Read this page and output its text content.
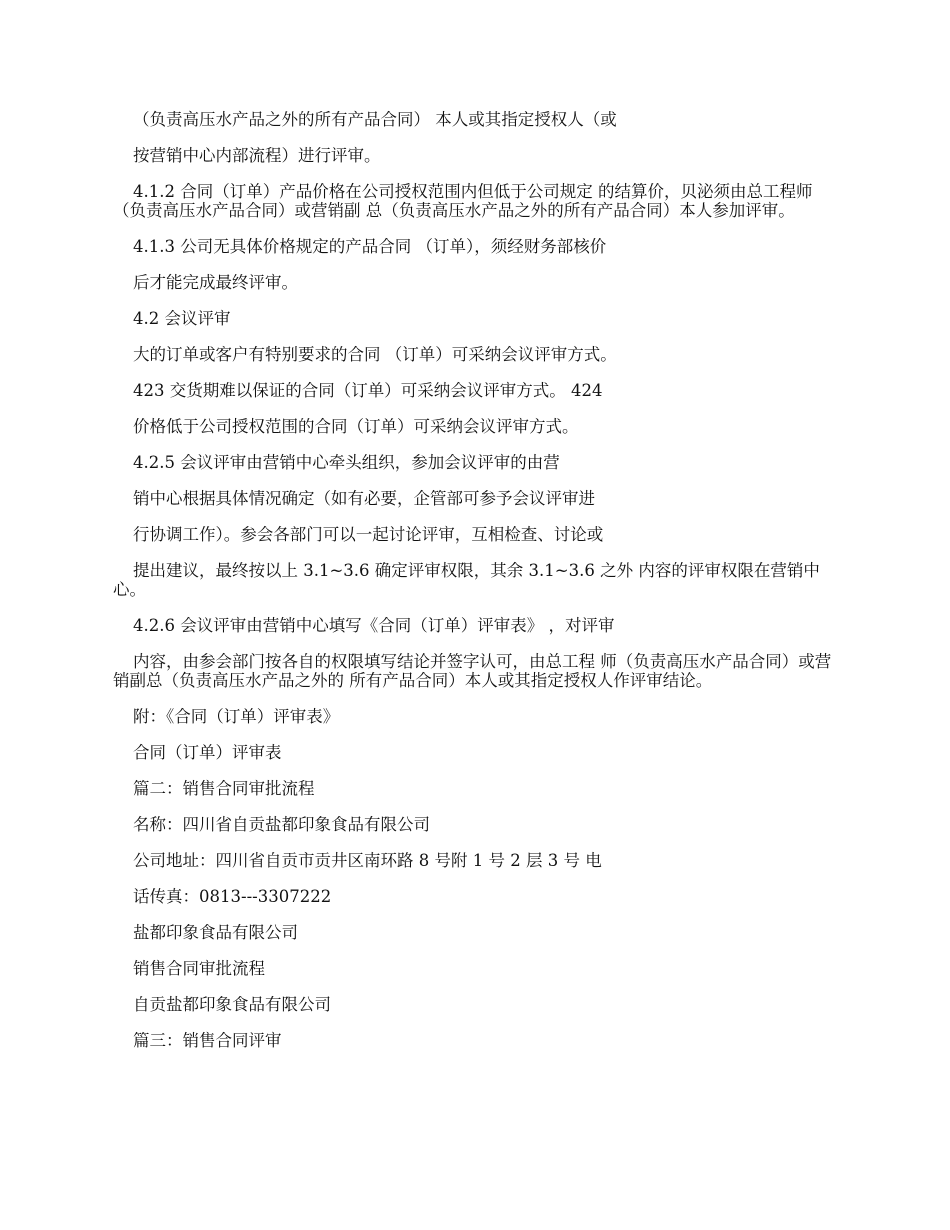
（负责高压水产品之外的所有产品合同） 本人或其指定授权人（或

按营销中心内部流程）进行评审。

4.1.2 合同（订单）产品价格在公司授权范围内但低于公司规定 的结算价，贝泌须由总工程师（负责高压水产品合同）或营销副 总（负责高压水产品之外的所有产品合同）本人参加评审。

4.1.3 公司无具体价格规定的产品合同 （订单），须经财务部核价

后才能完成最终评审。

4.2 会议评审

大的订单或客户有特别要求的合同 （订单）可采纳会议评审方式。

423 交货期难以保证的合同（订单）可采纳会议评审方式。 424

价格低于公司授权范围的合同（订单）可采纳会议评审方式。

4.2.5 会议评审由营销中心牵头组织，参加会议评审的由营

销中心根据具体情况确定（如有必要，企管部可参予会议评审进

行协调工作）。参会各部门可以一起讨论评审，互相检查、讨论或

提出建议，最终按以上 3.1~3.6 确定评审权限，其余 3.1~3.6 之外 内容的评审权限在营销中心。

4.2.6 会议评审由营销中心填写《合同（订单）评审表》 ，对评审

内容，由参会部门按各自的权限填写结论并签字认可，由总工程 师（负责高压水产品合同）或营销副总（负责高压水产品之外的 所有产品合同）本人或其指定授权人作评审结论。

附：《合同（订单）评审表》

合同（订单）评审表

篇二：销售合同审批流程

名称：四川省自贡盐都印象食品有限公司

公司地址：四川省自贡市贡井区南环路 8 号附 1 号 2 层 3 号 电

话传真：0813---3307222

盐都印象食品有限公司

销售合同审批流程

自贡盐都印象食品有限公司

篇三：销售合同评审
